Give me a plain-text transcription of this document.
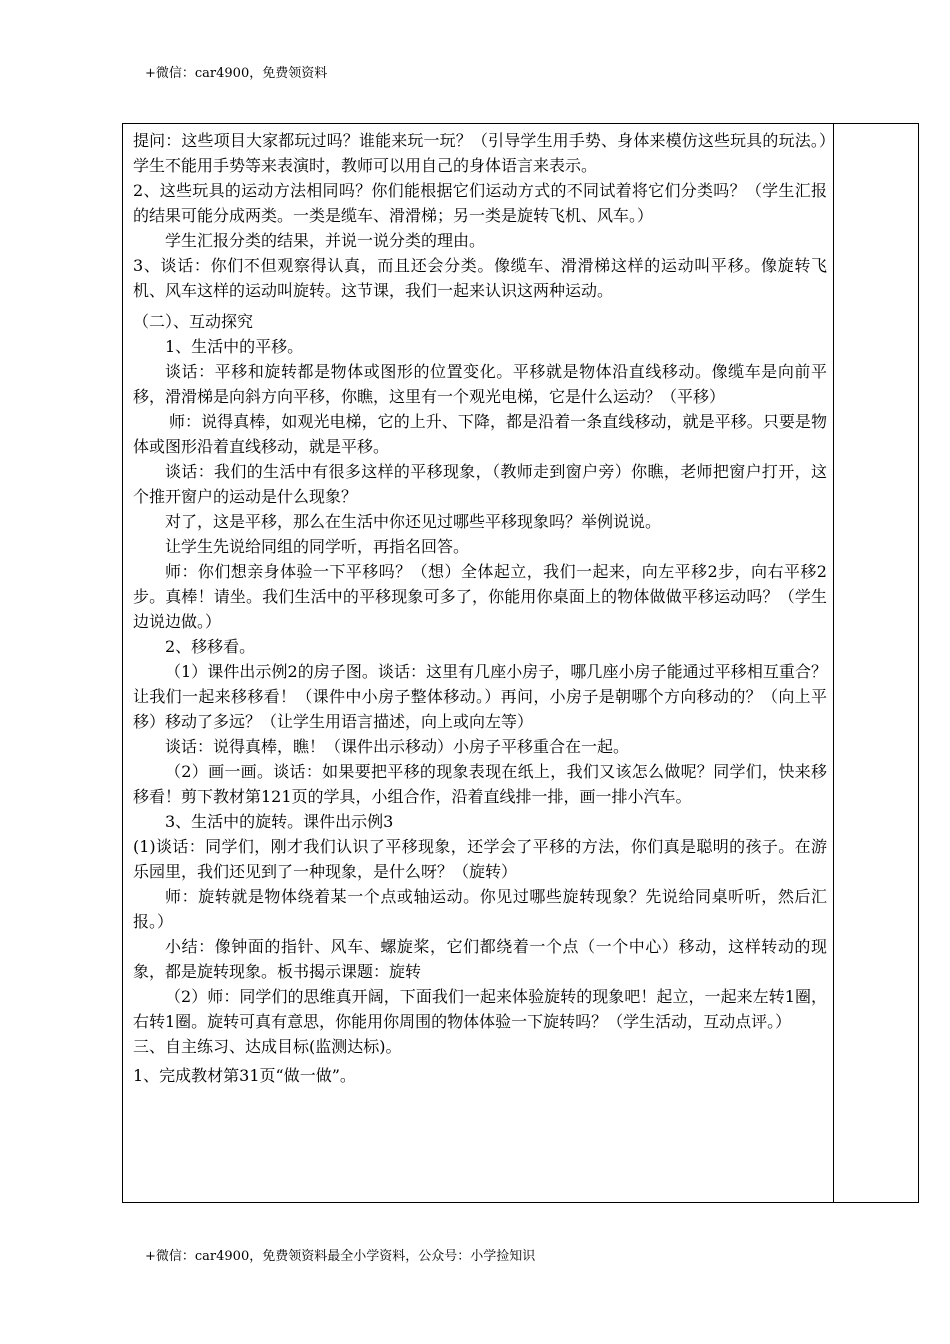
+微信：car4900，免费领资料

提问：这些项目大家都玩过吗？谁能来玩一玩？（引导学生用手势、身体来模仿这些玩具的玩法。）学生不能用手势等来表演时，教师可以用自己的身体语言来表示。

2、这些玩具的运动方法相同吗？你们能根据它们运动方式的不同试着将它们分类吗？（学生汇报的结果可能分成两类。一类是缆车、滑滑梯；另一类是旋转飞机、风车。）

学生汇报分类的结果，并说一说分类的理由。

3、谈话：你们不但观察得认真，而且还会分类。像缆车、滑滑梯这样的运动叫平移。像旋转飞机、风车这样的运动叫旋转。这节课，我们一起来认识这两种运动。

（二）、互动探究

1、生活中的平移。

谈话：平移和旋转都是物体或图形的位置变化。平移就是物体沿直线移动。像缆车是向前平移，滑滑梯是向斜方向平移，你瞧，这里有一个观光电梯，它是什么运动？（平移）

师：说得真棒，如观光电梯，它的上升、下降，都是沿着一条直线移动，就是平移。只要是物体或图形沿着直线移动，就是平移。

谈话：我们的生活中有很多这样的平移现象，（教师走到窗户旁）你瞧，老师把窗户打开，这个推开窗户的运动是什么现象？

对了，这是平移，那么在生活中你还见过哪些平移现象吗？举例说说。

让学生先说给同组的同学听，再指名回答。

师：你们想亲身体验一下平移吗？（想）全体起立，我们一起来，向左平移2步，向右平移2步。真棒！请坐。我们生活中的平移现象可多了，你能用你桌面上的物体做做平移运动吗？（学生边说边做。）

2、移移看。

（1）课件出示例2的房子图。谈话：这里有几座小房子，哪几座小房子能通过平移相互重合？让我们一起来移移看！（课件中小房子整体移动。）再问，小房子是朝哪个方向移动的？（向上平移）移动了多远？（让学生用语言描述，向上或向左等）

谈话：说得真棒，瞧！（课件出示移动）小房子平移重合在一起。

（2）画一画。谈话：如果要把平移的现象表现在纸上，我们又该怎么做呢？同学们，快来移移看！剪下教材第121页的学具，小组合作，沿着直线排一排，画一排小汽车。

3、生活中的旋转。课件出示例3

(1)谈话：同学们，刚才我们认识了平移现象，还学会了平移的方法，你们真是聪明的孩子。在游乐园里，我们还见到了一种现象，是什么呀？（旋转）

师：旋转就是物体绕着某一个点或轴运动。你见过哪些旋转现象？先说给同桌听听，然后汇报。）

小结：像钟面的指针、风车、螺旋桨，它们都绕着一个点（一个中心）移动，这样转动的现象，都是旋转现象。板书揭示课题：旋转

（2）师：同学们的思维真开阔，下面我们一起来体验旋转的现象吧！起立，一起来左转1圈，右转1圈。旋转可真有意思，你能用你周围的物体体验一下旋转吗？（学生活动，互动点评。）

三、自主练习、达成目标(监测达标)。

1、完成教材第31页“做一做”。

+微信：car4900，免费领资料最全小学资料，公众号：小学捡知识
